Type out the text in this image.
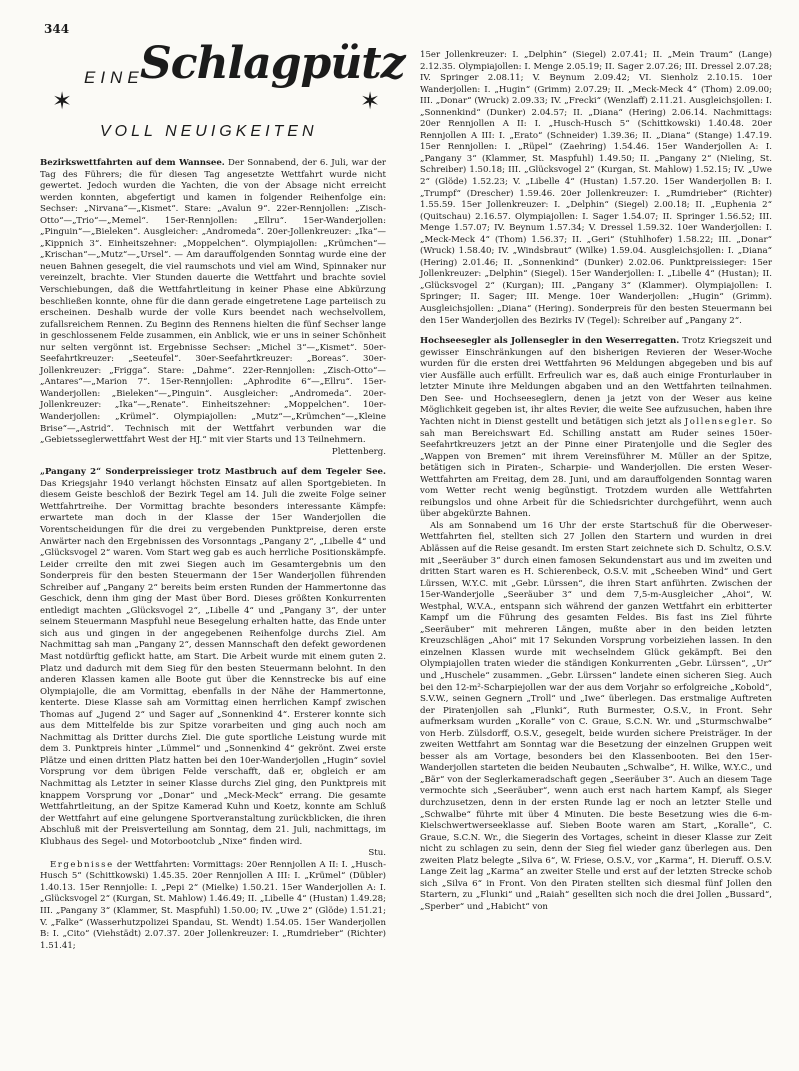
344
✶
EINE
Schlagpütz
✶
VOLL NEUIGKEITEN

Bezirkswettfahrten auf dem Wannsee. Der Sonnabend, der 6. Juli, war der Tag des Führers; die für diesen Tag angesetzte Wettfahrt wurde nicht gewertet. Jedoch wurden die Yachten, die von der Absage nicht erreicht werden konnten, abgefertigt und kamen in folgender Reihenfolge ein: Sechser: „Nirvana“—„Kismet“. Stare: „Avalun 9“. 22er-Rennjollen: „Zisch-Otto“—„Trio“—„Memel“. 15er-Rennjollen: „Ellru“. 15er-Wanderjollen: „Pinguin“—„Bieleken“. Ausgleicher: „Andromeda“. 20er-Jollenkreuzer: „Ika“—„Kippnich 3“. Einheitszehner: „Moppelchen“. Olympiajollen: „Krümchen“—„Krischan“—„Mutz“—„Ursel“. — Am darauffolgenden Sonntag wurde eine der neuen Bahnen gesegelt, die viel raumschots und viel am Wind, Spinnaker nur vereinzelt, brachte. Vier Stunden dauerte die Wettfahrt und brachte soviel Verschiebungen, daß die Wettfahrtleitung in keiner Phase eine Abkürzung beschließen konnte, ohne für die dann gerade eingetretene Lage parteiisch zu erscheinen. Deshalb wurde der volle Kurs beendet nach wechselvollem, zufallsreichem Rennen. Zu Beginn des Rennens hielten die fünf Sechser lange in geschlossenem Felde zusammen, ein Anblick, wie er uns in seiner Schönheit nur selten vergönnt ist. Ergebnisse Sechser: „Michel 3“—„Kismet“. 50er-Seefahrtkreuzer: „Seeteufel“. 30er-Seefahrtkreuzer: „Boreas“. 30er-Jollenkreuzer: „Frigga“. Stare: „Dahme“. 22er-Rennjollen: „Zisch-Otto“—„Antares“—„Marion 7“. 15er-Rennjollen: „Aphrodite 6“—„Ellru“. 15er-Wanderjollen: „Bieleken“—„Pinguin“. Ausgleicher: „Andromeda“. 20er-Jollenkreuzer: „Ika“—„Renate“. Einheitszehner: „Moppelchen“. 10er-Wanderjollen: „Krümel“. Olympiajollen: „Mutz“—„Krümchen“—„Kleine Brise“—„Astrid“. Technisch mit der Wettfahrt verbunden war die „Gebietsseglerwettfahrt West der HJ.“ mit vier Starts und 13 Teilnehmern.
Plettenberg.

„Pangany 2“ Sonderpreissieger trotz Mastbruch auf dem Tegeler See. Das Kriegsjahr 1940 verlangt höchsten Einsatz auf allen Sportgebieten. In diesem Geiste beschloß der Bezirk Tegel am 14. Juli die zweite Folge seiner Wettfahrtreihe. Der Vormittag brachte besonders interessante Kämpfe: erwartete man doch in der Klasse der 15er Wanderjollen die Vorentscheidungen für die drei zu vergebenden Punktpreise, deren erste Anwärter nach den Ergebnissen des Vorsonntags „Pangany 2“, „Libelle 4“ und „Glücksvogel 2“ waren. Vom Start weg gab es auch herrliche Positionskämpfe. Leider crreilte den mit zwei Siegen auch im Gesamtergebnis um den Sonderpreis für den besten Steuermann der 15er Wanderjollen führenden Schreiber auf „Pangany 2“ bereits beim ersten Runden der Hammertonne das Geschick, denn ihm ging der Mast über Bord. Dieses größten Konkurrenten entledigt machten „Glücksvogel 2“, „Libelle 4“ und „Pangany 3“, der unter seinem Steuermann Maspfuhl neue Besegelung erhalten hatte, das Ende unter sich aus und gingen in der angegebenen Reihenfolge durchs Ziel. Am Nachmittag sah man „Pangany 2“, dessen Mannschaft den defekt gewordenen Mast notdürftig geflickt hatte, am Start. Die Arbeit wurde mit einem guten 2. Platz und dadurch mit dem Sieg für den besten Steuermann belohnt. In den anderen Klassen kamen alle Boote gut über die Kennstrecke bis auf eine Olympiajolle, die am Vormittag, ebenfalls in der Nähe der Hammertonne, kenterte. Diese Klasse sah am Vormittag einen herrlichen Kampf zwischen Thomas auf „Jugend 2“ und Sager auf „Sonnenkind 4“. Ersterer konnte sich aus dem Mittelfelde bis zur Spitze vorarbeiten und ging auch noch am Nachmittag als Dritter durchs Ziel. Die gute sportliche Leistung wurde mit dem 3. Punktpreis hinter „Lümmel“ und „Sonnenkind 4“ gekrönt. Zwei erste Plätze und einen dritten Platz hatten bei den 10er-Wanderjollen „Hugin“ soviel Vorsprung vor dem übrigen Felde verschafft, daß er, obgleich er am Nachmittag als Letzter in seiner Klasse durchs Ziel ging, den Punktpreis mit knappem Vorsprung vor „Donar“ und „Meck-Meck“ errang. Die gesamte Wettfahrtleitung, an der Spitze Kamerad Kuhn und Koetz, konnte am Schluß der Wettfahrt auf eine gelungene Sportveranstaltung zurückblicken, die ihren Abschluß mit der Preisverteilung am Sonntag, dem 21. Juli, nachmittags, im Klubhaus des Segel- und Motorbootclub „Nixe“ finden wird.
Stu.

Ergebnisse der Wettfahrten: Vormittags: 20er Rennjollen A II: I. „Husch-Husch 5“ (Schittkowski) 1.45.35. 20er Rennjollen A III: I. „Krümel“ (Dübler) 1.40.13. 15er Rennjolle: I. „Pepi 2“ (Mielke) 1.50.21. 15er Wanderjollen A: I. „Glücksvogel 2“ (Kurgan, St. Mahlow) 1.46.49; II. „Libelle 4“ (Hustan) 1.49.28; III. „Pangany 3“ (Klammer, St. Maspfuhl) 1.50.00; IV. „Uwe 2“ (Glöde) 1.51.21; V. „Falke“ (Wasserhutzpolizei Spandau, St. Wendt) 1.54.05. 15er Wanderjollen B: I. „Cito“ (Viehstädt) 2.07.37. 20er Jollenkreuzer: I. „Rumdrieber“ (Richter) 1.51.41;

15er Jollenkreuzer: I. „Delphin“ (Siegel) 2.07.41; II. „Mein Traum“ (Lange) 2.12.35. Olympiajollen: I. Menge 2.05.19; II. Sager 2.07.26; III. Dressel 2.07.28; IV. Springer 2.08.11; V. Beynum 2.09.42; VI. Sienholz 2.10.15. 10er Wanderjollen: I. „Hugin“ (Grimm) 2.07.29; II. „Meck-Meck 4“ (Thom) 2.09.00; III. „Donar“ (Wruck) 2.09.33; IV. „Frecki“ (Wenzlaff) 2.11.21. Ausgleichsjollen: I. „Sonnenkind“ (Dunker) 2.04.57; II. „Diana“ (Hering) 2.06.14. Nachmittags: 20er Rennjollen A II: I. „Husch-Husch 5“ (Schittkowski) 1.40.48. 20er Rennjollen A III: I. „Erato“ (Schneider) 1.39.36; II. „Diana“ (Stange) 1.47.19. 15er Rennjollen: I. „Rüpel“ (Zaehring) 1.54.46. 15er Wanderjollen A: I. „Pangany 3“ (Klammer, St. Maspfuhl) 1.49.50; II. „Pangany 2“ (Nieling, St. Schreiber) 1.50.18; III. „Glücksvogel 2“ (Kurgan, St. Mahlow) 1.52.15; IV. „Uwe 2“ (Glöde) 1.52.23; V. „Libelle 4“ (Hustan) 1.57.20. 15er Wanderjollen B: I. „Trumpf“ (Drescher) 1.59.46. 20er Jollenkreuzer: I. „Rumdrieber“ (Richter) 1.55.59. 15er Jollenkreuzer: I. „Delphin“ (Siegel) 2.00.18; II. „Euphenia 2“ (Quitschau) 2.16.57. Olympiajollen: I. Sager 1.54.07; II. Springer 1.56.52; III. Menge 1.57.07; IV. Beynum 1.57.34; V. Dressel 1.59.32. 10er Wanderjollen: I. „Meck-Meck 4“ (Thom) 1.56.37; II. „Geri“ (Stuhlhofer) 1.58.22; III. „Donar“ (Wruck) 1.58.40; IV. „Windsbraut“ (Wilke) 1.59.04. Ausgleichsjollen: I. „Diana“ (Hering) 2.01.46; II. „Sonnenkind“ (Dunker) 2.02.06. Punktpreissieger: 15er Jollenkreuzer: „Delphin“ (Siegel). 15er Wanderjollen: I. „Libelle 4“ (Hustan); II. „Glücksvogel 2“ (Kurgan); III. „Pangany 3“ (Klammer). Olympiajollen: I. Springer; II. Sager; III. Menge. 10er Wanderjollen: „Hugin“ (Grimm). Ausgleichsjollen: „Diana“ (Hering). Sonderpreis für den besten Steuermann bei den 15er Wanderjollen des Bezirks IV (Tegel): Schreiber auf „Pangany 2“.

Hochseesegler als Jollensegler in den Weserregatten. Trotz Kriegszeit und gewisser Einschränkungen auf den bisherigen Revieren der Weser-Woche wurden für die ersten drei Wettfahrten 96 Meldungen abgegeben und bis auf vier Ausfälle auch erfüllt. Erfreulich war es, daß auch einige Fronturlauber in letzter Minute ihre Meldungen abgaben und an den Wettfahrten teilnahmen. Den See- und Hochseeseglern, denen ja jetzt von der Weser aus keine Möglichkeit gegeben ist, ihr altes Revier, die weite See aufzusuchen, haben ihre Yachten nicht in Dienst gestellt und betätigen sich jetzt als Jollensegler. So sah man Bereichswart Ed. Schilling anstatt am Ruder seines 150er-Seefahrtkreuzers jetzt an der Pinne einer Piratenjolle und die Segler des „Wappen von Bremen“ mit ihrem Vereinsführer M. Müller an der Spitze, betätigen sich in Piraten-, Scharpie- und Wanderjollen. Die ersten Weser-Wettfahrten am Freitag, dem 28. Juni, und am darauffolgenden Sonntag waren vom Wetter recht wenig begünstigt. Trotzdem wurden alle Wettfahrten reibungslos und ohne Arbeit für die Schiedsrichter durchgeführt, wenn auch über abgekürzte Bahnen.

Als am Sonnabend um 16 Uhr der erste Startschuß für die Oberweser-Wettfahrten fiel, stellten sich 27 Jollen den Startern und wurden in drei Ablässen auf die Reise gesandt. Im ersten Start zeichnete sich D. Schultz, O.S.V. mit „Seeräuber 3“ durch einen famosen Sekundenstart aus und im zweiten und dritten Start waren es H. Schierenbeck, O.S.V. mit „Scheeben Wind“ und Gert Lürssen, W.Y.C. mit „Gebr. Lürssen“, die ihren Start anführten. Zwischen der 15er-Wanderjolle „Seeräuber 3“ und dem 7,5-m-Ausgleicher „Ahoi“, W. Westphal, W.V.A., entspann sich während der ganzen Wettfahrt ein erbitterter Kampf um die Führung des gesamten Feldes. Bis fast ins Ziel führte „Seeräuber“ mit mehreren Längen, mußte aber in den beiden letzten Kreuzschlägen „Ahoi“ mit 17 Sekunden Vorsprung vorbeiziehen lassen. In den einzelnen Klassen wurde mit wechselndem Glück gekämpft. Bei den Olympiajollen traten wieder die ständigen Konkurrenten „Gebr. Lürssen“, „Ur“ und „Huschele“ zusammen. „Gebr. Lürssen“ landete einen sicheren Sieg. Auch bei den 12-m²-Scharpiejollen war der aus dem Vorjahr so erfolgreiche „Kobold“, S.V.W., seinen Gegnern „Troll“ und „Iwe“ überlegen. Das erstmalige Auftreten der Piratenjollen sah „Flunki“, Ruth Burmester, O.S.V., in Front. Sehr aufmerksam wurden „Koralle“ von C. Graue, S.C.N. Wr. und „Sturmschwalbe“ von Herb. Zülsdorff, O.S.V., gesegelt, beide wurden sichere Preisträger. In der zweiten Wettfahrt am Sonntag war die Besetzung der einzelnen Gruppen weit besser als am Vortage, besonders bei den Klassenbooten. Bei den 15er-Wanderjollen starteten die beiden Neubauten „Schwalbe“, H. Wilke, W.Y.C., und „Bär“ von der Seglerkameradschaft gegen „Seeräuber 3“. Auch an diesem Tage vermochte sich „Seeräuber“, wenn auch erst nach hartem Kampf, als Sieger durchzusetzen, denn in der ersten Runde lag er noch an letzter Stelle und „Schwalbe“ führte mit über 4 Minuten. Die beste Besetzung wies die 6-m-Kielschwertwerseeklasse auf. Sieben Boote waren am Start, „Koralle“, C. Graue, S.C.N. Wr., die Siegerin des Vortages, scheint in dieser Klasse zur Zeit nicht zu schlagen zu sein, denn der Sieg fiel wieder ganz überlegen aus. Den zweiten Platz belegte „Silva 6“, W. Friese, O.S.V., vor „Karma“, H. Dieruff. O.S.V. Lange Zeit lag „Karma“ an zweiter Stelle und erst auf der letzten Strecke schob sich „Silva 6“ in Front. Von den Piraten stellten sich diesmal fünf Jollen den Startern, zu „Flunki“ und „Raiah“ gesellten sich noch die drei Jollen „Bussard“, „Sperber“ und „Habicht“ von
